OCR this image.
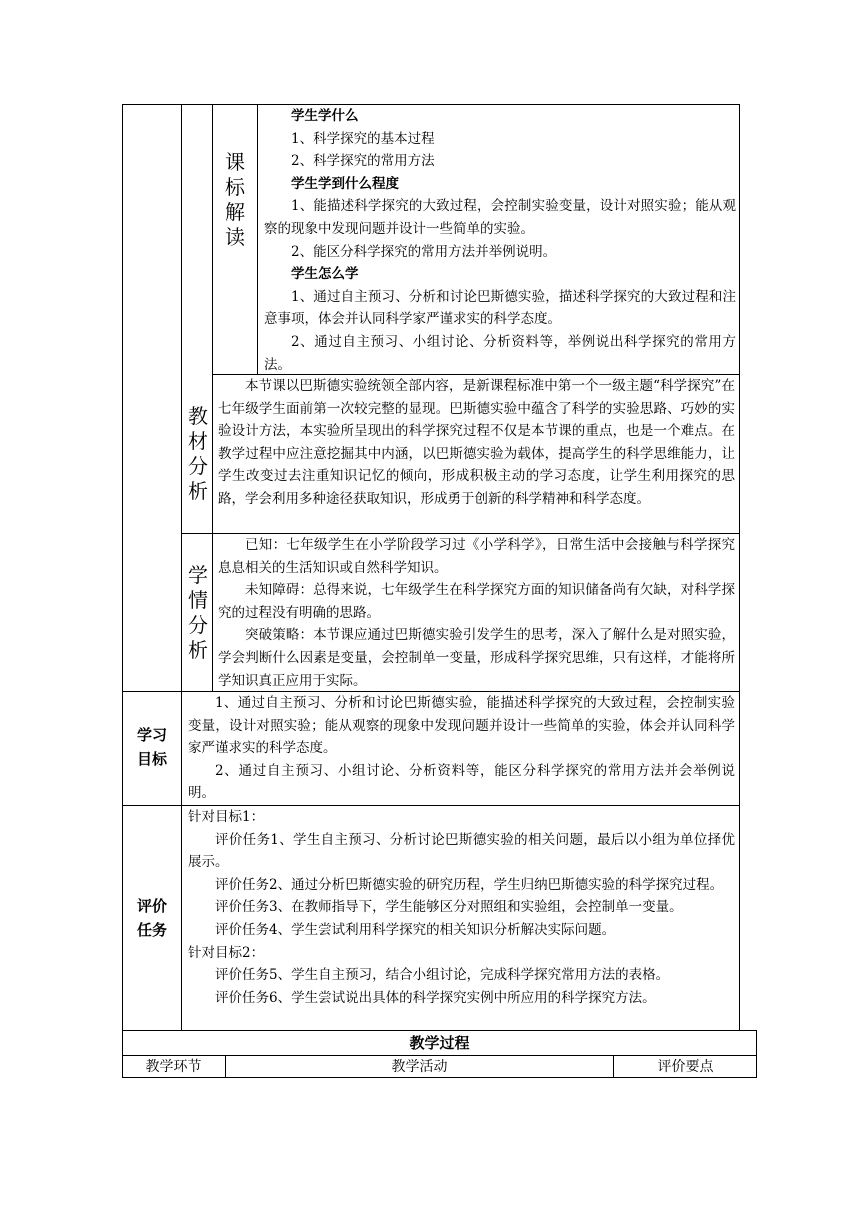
课
标
解
读

学生学什么

1、科学探究的基本过程

2、科学探究的常用方法

学生学到什么程度

1、能描述科学探究的大致过程，会控制实验变量，设计对照实验；能从观察的现象中发现问题并设计一些简单的实验。

2、能区分科学探究的常用方法并举例说明。

学生怎么学

1、通过自主预习、分析和讨论巴斯德实验，描述科学探究的大致过程和注意事项，体会并认同科学家严谨求实的科学态度。

2、通过自主预习、小组讨论、分析资料等，举例说出科学探究的常用方法。

教
材
分
析

本节课以巴斯德实验统领全部内容，是新课程标准中第一个一级主题“科学探究”在七年级学生面前第一次较完整的显现。巴斯德实验中蕴含了科学的实验思路、巧妙的实验设计方法，本实验所呈现出的科学探究过程不仅是本节课的重点，也是一个难点。在教学过程中应注意挖掘其中内涵，以巴斯德实验为载体，提高学生的科学思维能力，让学生改变过去注重知识记忆的倾向，形成积极主动的学习态度，让学生利用探究的思路，学会利用多种途径获取知识，形成勇于创新的科学精神和科学态度。

学
情
分
析

已知：七年级学生在小学阶段学习过《小学科学》，日常生活中会接触与科学探究息息相关的生活知识或自然科学知识。

未知障碍：总得来说，七年级学生在科学探究方面的知识储备尚有欠缺，对科学探究的过程没有明确的思路。

突破策略：本节课应通过巴斯德实验引发学生的思考，深入了解什么是对照实验，学会判断什么因素是变量，会控制单一变量，形成科学探究思维，只有这样，才能将所学知识真正应用于实际。

学习
目标

1、通过自主预习、分析和讨论巴斯德实验，能描述科学探究的大致过程，会控制实验变量，设计对照实验；能从观察的现象中发现问题并设计一些简单的实验，体会并认同科学家严谨求实的科学态度。

2、通过自主预习、小组讨论、分析资料等，能区分科学探究的常用方法并会举例说明。

评价
任务

针对目标1：

评价任务1、学生自主预习、分析讨论巴斯德实验的相关问题，最后以小组为单位择优展示。

评价任务2、通过分析巴斯德实验的研究历程，学生归纳巴斯德实验的科学探究过程。

评价任务3、在教师指导下，学生能够区分对照组和实验组，会控制单一变量。

评价任务4、学生尝试利用科学探究的相关知识分析解决实际问题。

针对目标2：

评价任务5、学生自主预习，结合小组讨论，完成科学探究常用方法的表格。

评价任务6、学生尝试说出具体的科学探究实例中所应用的科学探究方法。

教学过程
教学环节	教学活动	评价要点
